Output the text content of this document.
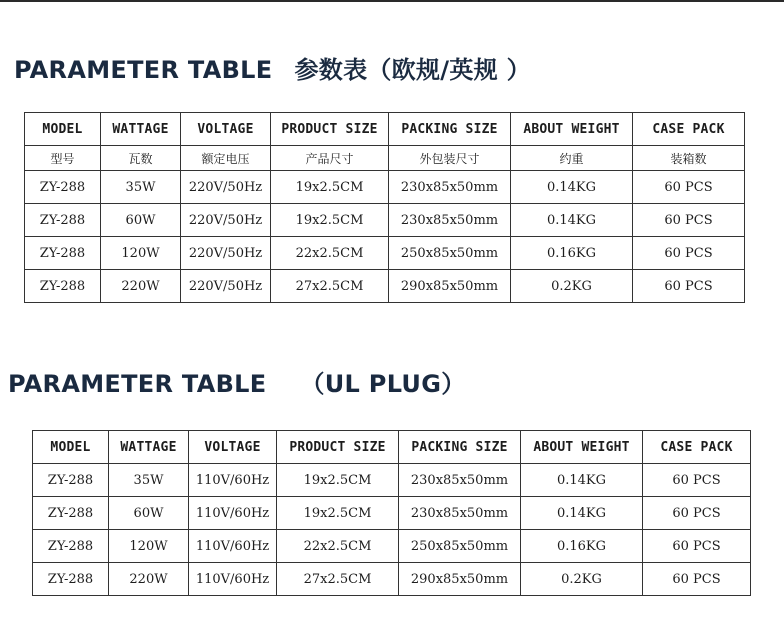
PARAMETER TABLE 参数表（欧规/英规 ）
MODEL	WATTAGE	VOLTAGE	PRODUCT SIZE	PACKING SIZE	ABOUT WEIGHT	CASE PACK
型号	瓦数	额定电压	产品尺寸	外包装尺寸	约重	装箱数
ZY-288	35W	220V/50Hz	19x2.5CM	230x85x50mm	0.14KG	60 PCS
ZY-288	60W	220V/50Hz	19x2.5CM	230x85x50mm	0.14KG	60 PCS
ZY-288	120W	220V/50Hz	22x2.5CM	250x85x50mm	0.16KG	60 PCS
ZY-288	220W	220V/50Hz	27x2.5CM	290x85x50mm	0.2KG	60 PCS
PARAMETER TABLE （UL PLUG）
MODEL	WATTAGE	VOLTAGE	PRODUCT SIZE	PACKING SIZE	ABOUT WEIGHT	CASE PACK
ZY-288	35W	110V/60Hz	19x2.5CM	230x85x50mm	0.14KG	60 PCS
ZY-288	60W	110V/60Hz	19x2.5CM	230x85x50mm	0.14KG	60 PCS
ZY-288	120W	110V/60Hz	22x2.5CM	250x85x50mm	0.16KG	60 PCS
ZY-288	220W	110V/60Hz	27x2.5CM	290x85x50mm	0.2KG	60 PCS
